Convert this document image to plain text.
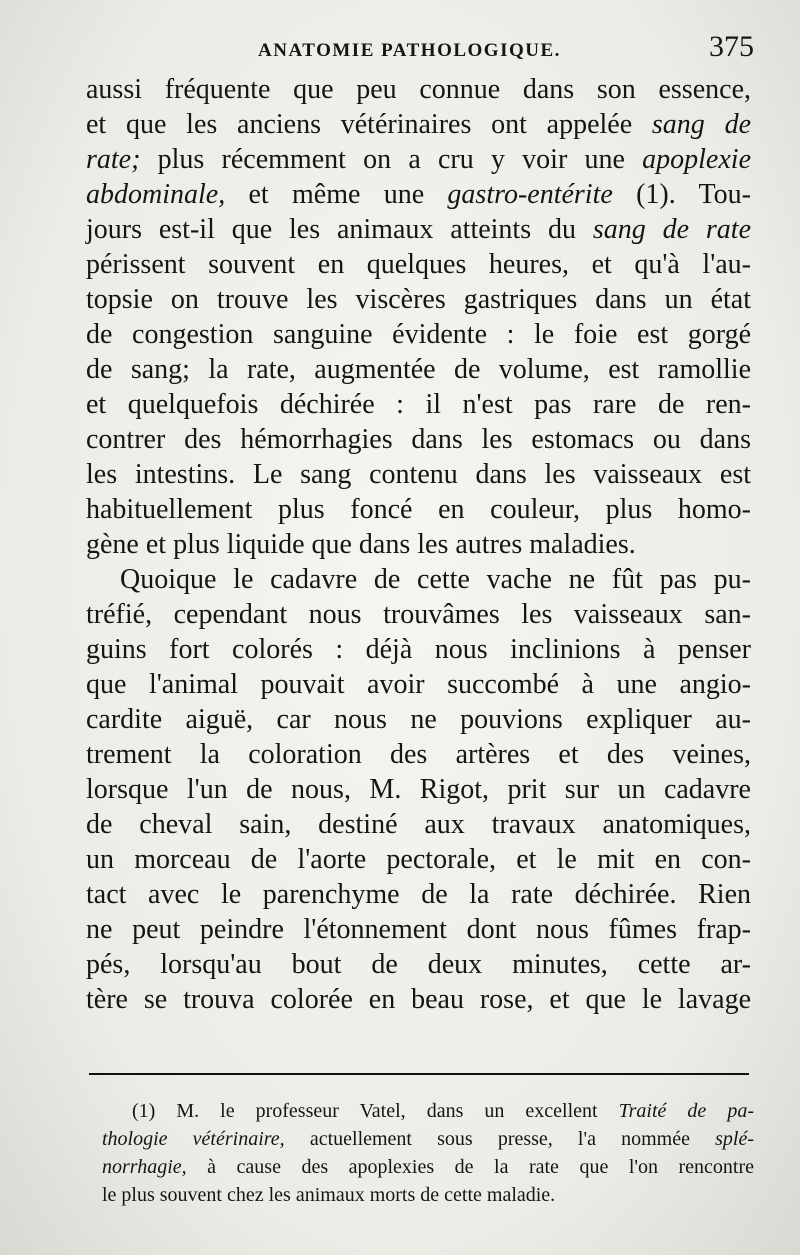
ANATOMIE PATHOLOGIQUE.	375
aussi fréquente que peu connue dans son essence,
et que les anciens vétérinaires ont appelée sang de
rate; plus récemment on a cru y voir une apoplexie
abdominale, et même une gastro-entérite (1). Tou-
jours est-il que les animaux atteints du sang de rate
périssent souvent en quelques heures, et qu'à l'au-
topsie on trouve les viscères gastriques dans un état
de congestion sanguine évidente : le foie est gorgé
de sang; la rate, augmentée de volume, est ramollie
et quelquefois déchirée : il n'est pas rare de ren-
contrer des hémorrhagies dans les estomacs ou dans
les intestins. Le sang contenu dans les vaisseaux est
habituellement plus foncé en couleur, plus homo-
gène et plus liquide que dans les autres maladies.
Quoique le cadavre de cette vache ne fût pas pu-
tréfié, cependant nous trouvâmes les vaisseaux san-
guins fort colorés : déjà nous inclinions à penser
que l'animal pouvait avoir succombé à une angio-
cardite aiguë, car nous ne pouvions expliquer au-
trement la coloration des artères et des veines,
lorsque l'un de nous, M. Rigot, prit sur un cadavre
de cheval sain, destiné aux travaux anatomiques,
un morceau de l'aorte pectorale, et le mit en con-
tact avec le parenchyme de la rate déchirée. Rien
ne peut peindre l'étonnement dont nous fûmes frap-
pés, lorsqu'au bout de deux minutes, cette ar-
tère se trouva colorée en beau rose, et que le lavage
(1) M. le professeur Vatel, dans un excellent Traité de pa-
thologie vétérinaire, actuellement sous presse, l'a nommée splé-
norrhagie, à cause des apoplexies de la rate que l'on rencontre
le plus souvent chez les animaux morts de cette maladie.
